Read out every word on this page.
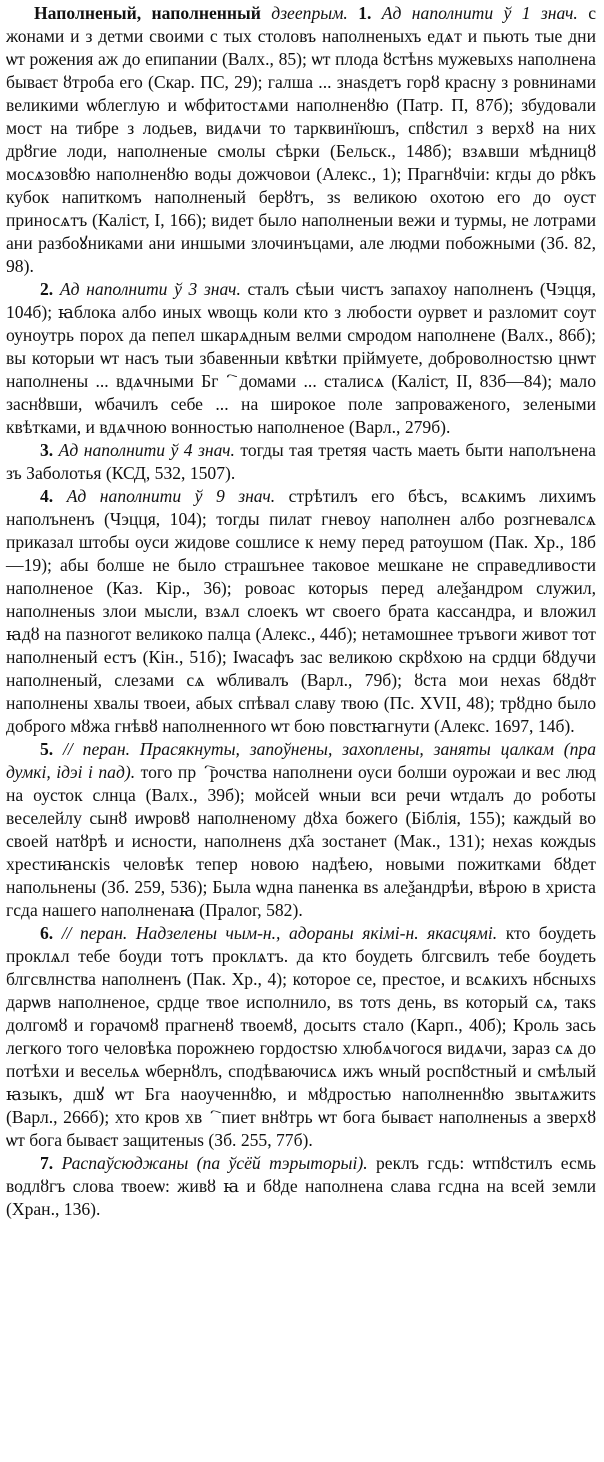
Наполненый, наполненный дзеeпрым. 1. Ад наполнити ў 1 знач. с жонами и з детми своими с тых столовъ наполненыхъ едѧт и пьють тые дни ѡт рожения аж до епипании (Валх., 85); ѡт плода ȣстѣнs мужевыхs наполнена бываєт ȣтроба его (Скар. ПС, 29); галша ... знаѕдетъ горȣ красну з ровнинами великими ѡблеглую и ѡбфитостѧми наполненȣю (Патр. П, 87б); збудовали мост на тибре з лодьев, видѧчи то тарквинїюшъ, спȣстил з верхȣ на них дрȣгие лоди, наполненые смолы сѣрки (Бельск., 148б); взѧвши мѣдницȣ мосѧзовȣю наполненȣю воды дожчовои (Алекс., 1); Прагнȣчiи: кгды до рȣкъ кубок напиткомъ наполненый берȣтъ, зs великою охотою его до оуст приносѧтъ (Калiст, I, 166); видет было наполненыи вежи и турмы, не лотрами ани разбоꙋниками ани иншыми злочинъцами, але людми побожными (Зб. 82, 98).

2. Ад наполнити ў 3 знач. сталъ сѣыи чистъ запахоу наполненъ (Чэцця, 104б); ꙗблока албо иных ѡвощь коли кто з любости оурвет и разломит соут оуноутрь порох да пепел шкарѧдным велми смродом наполнене (Валх., 86б); вы которыи ѡт насъ тыи збавенныи квѣтки прiймуете, доброволностsю цнѡт наполнены ... вдѧчными Бгⷪ҇ домами ... сталисѧ (Калiст, II, 83б—84); мало заснȣвши, ѡбачилъ себе ... на широкое поле запроваженого, зелеными квѣтками, и вдѧчною вонностью наполненое (Варл., 279б).

3. Ад наполнити ў 4 знач. тогды тая третяя часть маеть быти наполънена зъ Заболотья (КСД, 532, 1507).

4. Ад наполнити ў 9 знач. стрѣтилъ его бѣсъ, всѧкимъ лихимъ наполъненъ (Чэцця, 104); тогды пилат гневоу наполнен албо розгневалсѧ приказал штобы оуси жидове сошлисе к нему перед ратоушом (Пак. Хр., 18б—19); абы болше не было страшънее таковое мешкане не справедливости наполненое (Каз. Кiр., 36); ровоас которыs перед алеѯандром служил, наполненыs злои мысли, взѧл слоекъ ѡт своего брата кассандра, и вложил ꙗдȣ на пазногот великоко палца (Алекс., 44б); нетамошнее тръвоги живот тот наполненый естъ (Кiн., 51б); Іѡасафъ зас великою скрȣхою на срдци бȣдучи наполненый, слезами сѧ ѡбливалъ (Варл., 79б); ȣста мои нехаs бȣдȣт наполнены хвалы твоеи, абых спѣвал славу твою (Пс. XVII, 48); трȣдно было доброго мȣжа гнѣвȣ наполненного ѡт бою повстꙗгнути (Алекс. 1697, 14б).

5. // перан. Прасякнуты, запоўнены, захоплены, заняты цалкам (пра думкі, ідэі і пад). того прⷪ҇рочства наполнени оуси болши оурожаи и вес люд на оусток слнца (Валх., 39б); мойсей ѡныи вси речи ѡтдалъ до роботы веселейлу сынȣ иѡровȣ наполненому дȣха божего (Бiблiя, 155); каждый во своей натȣрѣ и исности, наполненs дх҃а зостанет (Мак., 131); нехаs кождыs хрестиꙗнскiѕ человѣк тепер новою надѣею, новыми пожитками бȣдет напольнены (Зб. 259, 536); Была ѡдна паненка вs алеѯандрѣи, вѣрою в христа гсда нашего наполненаꙗ (Пралог, 582).

6. // перан. Надзелены чым-н., адораны якімі-н. якасцямі. кто боудеть проклѧл тебе боуди тотъ проклѧтъ. да кто боудеть блгсвилъ тебе боудеть блгсвлнства наполненъ (Пак. Хр., 4); которое се, престое, и всѧкихъ нбсныхs дарѡв наполненое, срдце твое исполнило, вs тотs день, вs который сѧ, такs долгомȣ и горачомȣ прагненȣ твоемȣ, досытs стало (Карп., 40б); Кроль зась легкого того человѣка порожнею гордостsю хлюбѧчогося видѧчи, зараз сѧ до потѣхи и весельѧ ѡбернȣлъ, сподѣваючисѧ ижъ ѡный роспȣстный и смѣлый ꙗзыкъ, дшꙋ ѡт Бга наоученнȣю, и мȣдростью наполненнȣю звытѧжитs (Варл., 266б); хто кров хвⷪ҇ пиет внȣтрь ѡт бога бываєт наполненыs а зверхȣ ѡт бога бываєт защитеныs (Зб. 255, 77б).

7. Распаўсюджаны (па ўсёй тэрыторыі). реклъ гсдь: ѡтпȣстилъ есмь водлȣгъ слова твоеѡ: живȣ ꙗ и бȣде наполнена слава гсдна на всей земли (Хран., 136).
